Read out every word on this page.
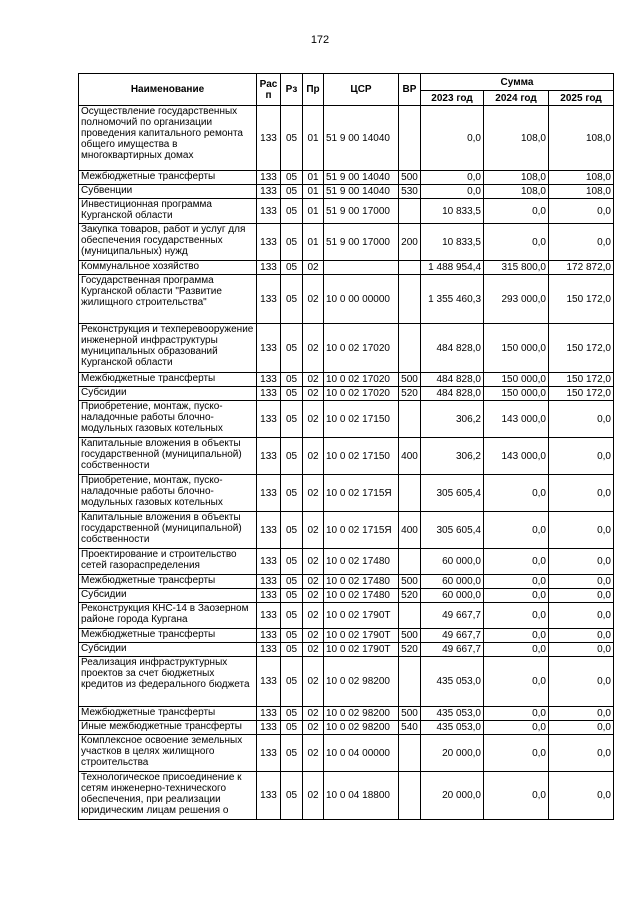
172
Наименование	Рас п	Рз	Пр	ЦСР	ВР	Сумма		
						2023 год	2024 год	2025 год
Осуществление государственных полномочий по организации проведения капитального ремонта общего имущества в многоквартирных домах	133	05	01	51 9 00 14040		0,0	108,0	108,0
Межбюджетные трансферты	133	05	01	51 9 00 14040	500	0,0	108,0	108,0
Субвенции	133	05	01	51 9 00 14040	530	0,0	108,0	108,0
Инвестиционная программа Курганской области	133	05	01	51 9 00 17000		10 833,5	0,0	0,0
Закупка товаров, работ и услуг для обеспечения государственных (муниципальных) нужд	133	05	01	51 9 00 17000	200	10 833,5	0,0	0,0
Коммунальное хозяйство	133	05	02			1 488 954,4	315 800,0	172 872,0
Государственная программа Курганской области "Развитие жилищного строительства"	133	05	02	10 0 00 00000		1 355 460,3	293 000,0	150 172,0
Реконструкция и техперевооружение инженерной инфраструктуры муниципальных образований Курганской области	133	05	02	10 0 02 17020		484 828,0	150 000,0	150 172,0
Межбюджетные трансферты	133	05	02	10 0 02 17020	500	484 828,0	150 000,0	150 172,0
Субсидии	133	05	02	10 0 02 17020	520	484 828,0	150 000,0	150 172,0
Приобретение, монтаж, пуско-наладочные работы блочно-модульных газовых котельных	133	05	02	10 0 02 17150		306,2	143 000,0	0,0
Капитальные вложения в объекты государственной (муниципальной) собственности	133	05	02	10 0 02 17150	400	306,2	143 000,0	0,0
Приобретение, монтаж, пуско-наладочные работы блочно-модульных газовых котельных	133	05	02	10 0 02 1715Я		305 605,4	0,0	0,0
Капитальные вложения в объекты государственной (муниципальной) собственности	133	05	02	10 0 02 1715Я	400	305 605,4	0,0	0,0
Проектирование и строительство сетей газораспределения	133	05	02	10 0 02 17480		60 000,0	0,0	0,0
Межбюджетные трансферты	133	05	02	10 0 02 17480	500	60 000,0	0,0	0,0
Субсидии	133	05	02	10 0 02 17480	520	60 000,0	0,0	0,0
Реконструкция КНС-14 в Заозерном районе города Кургана	133	05	02	10 0 02 1790Т		49 667,7	0,0	0,0
Межбюджетные трансферты	133	05	02	10 0 02 1790Т	500	49 667,7	0,0	0,0
Субсидии	133	05	02	10 0 02 1790Т	520	49 667,7	0,0	0,0
Реализация инфраструктурных проектов за счет бюджетных кредитов из федерального бюджета	133	05	02	10 0 02 98200		435 053,0	0,0	0,0
Межбюджетные трансферты	133	05	02	10 0 02 98200	500	435 053,0	0,0	0,0
Иные межбюджетные трансферты	133	05	02	10 0 02 98200	540	435 053,0	0,0	0,0
Комплексное освоение земельных участков в целях жилищного строительства	133	05	02	10 0 04 00000		20 000,0	0,0	0,0
Технологическое присоединение к сетям инженерно-технического обеспечения, при реализации юридическим лицам решения о	133	05	02	10 0 04 18800		20 000,0	0,0	0,0
